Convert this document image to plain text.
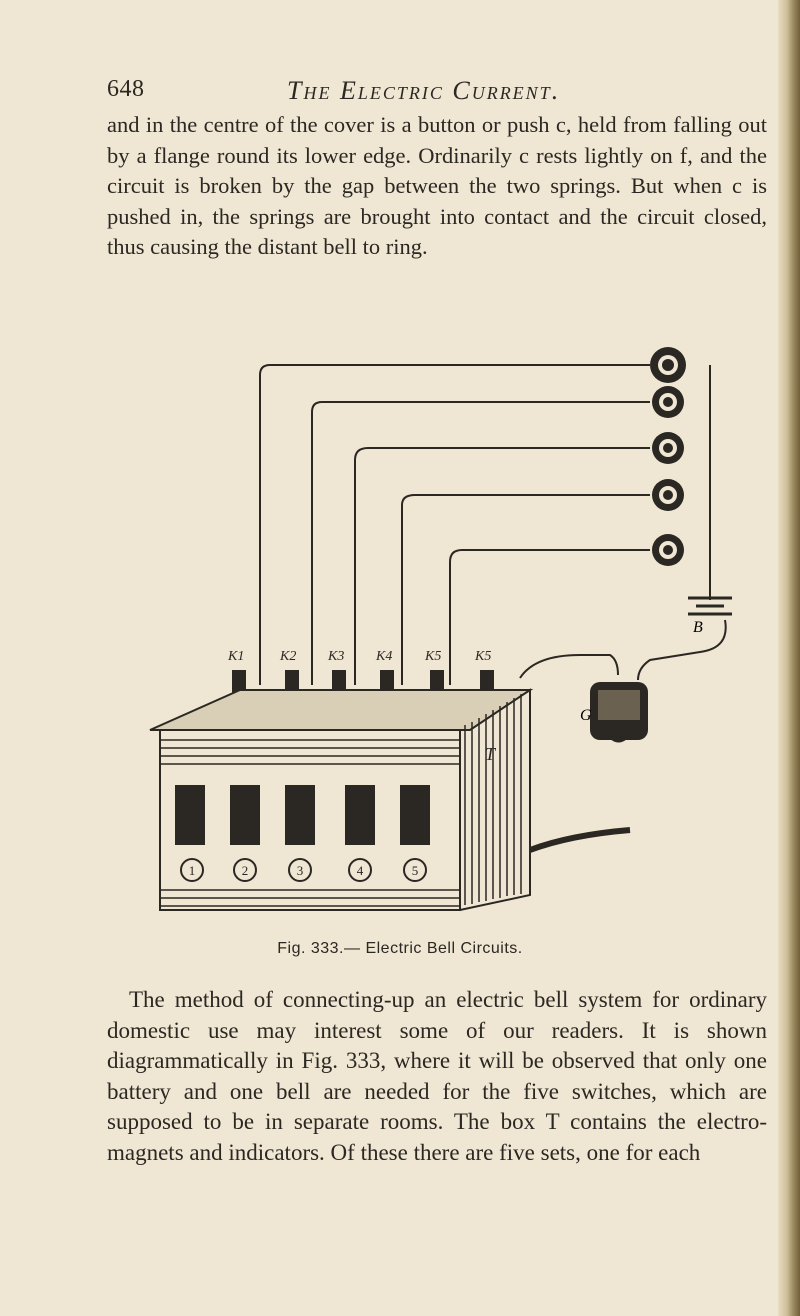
648	The Electric Current.

and in the centre of the cover is a button or push c, held from falling out by a flange round its lower edge. Ordinarily c rests lightly on f, and the circuit is broken by the gap between the two springs. But when c is pushed in, the springs are brought into contact and the circuit closed, thus causing the distant bell to ring.

B
G
K1	K2 K3 K4 K5 K5
1	2	3	4	5
T
Fig. 333.— Electric Bell Circuits.

The method of connecting-up an electric bell system for ordinary domestic use may interest some of our readers. It is shown diagrammatically in Fig. 333, where it will be observed that only one battery and one bell are needed for the five switches, which are supposed to be in separate rooms. The box T contains the electro-magnets and indicators. Of these there are five sets, one for each
